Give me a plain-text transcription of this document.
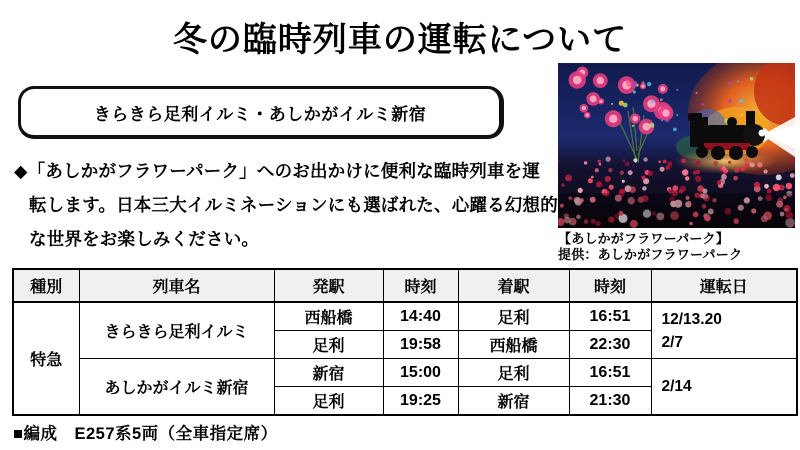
冬の臨時列車の運転について
きらきら足利イルミ・あしかがイルミ新宿
◆「あしかがフラワーパーク」へのお出かけに便利な臨時列車を運
転します。日本三大イルミネーションにも選ばれた、心躍る幻想的
な世界をお楽しみください。	【あしかがフラワーパーク】
提供：あしかがフラワーパーク
種別	列車名	発駅	時刻	着駅	時刻	運転日
特急	きらきら足利イルミ	西船橋	14:40	足利	16:51	12/13.20
2/7

		足利	19:58	西船橋	22:30	
	あしかがイルミ新宿	新宿	15:00	足利	16:51	2/14

		足利	19:25	新宿	21:30	
■編成　E257系5両（全車指定席）
